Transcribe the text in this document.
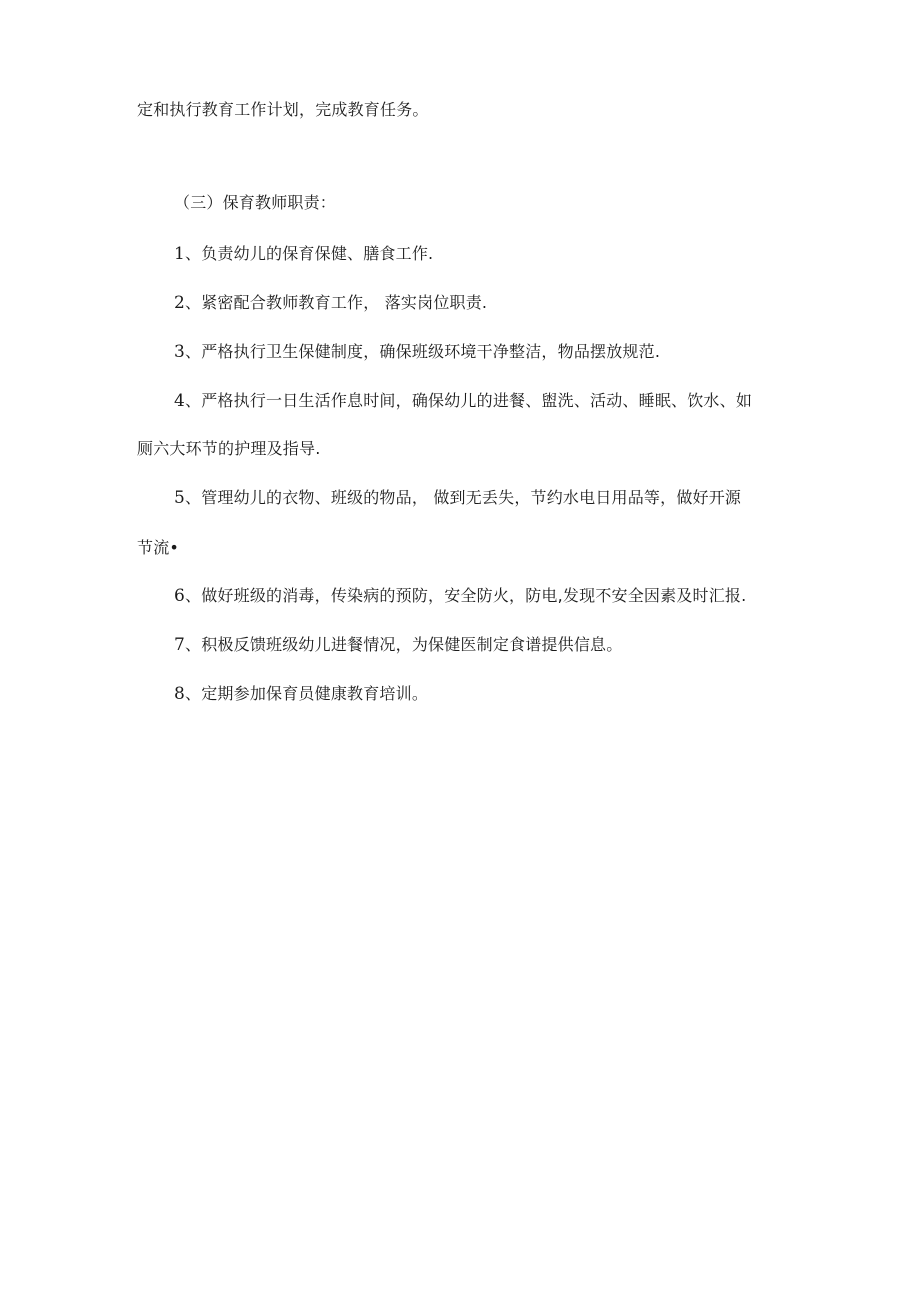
定和执行教育工作计划，完成教育任务。
（三）保育教师职责：
1、负责幼儿的保育保健、膳食工作.
2、紧密配合教师教育工作， 落实岗位职责.
3、严格执行卫生保健制度，确保班级环境干净整洁，物品摆放规范.
4、严格执行一日生活作息时间，确保幼儿的进餐、盥洗、活动、睡眠、饮水、如
厕六大环节的护理及指导.
5、管理幼儿的衣物、班级的物品， 做到无丢失，节约水电日用品等，做好开源
节流•
6、做好班级的消毒，传染病的预防，安全防火，防电,发现不安全因素及时汇报.
7、积极反馈班级幼儿进餐情况，为保健医制定食谱提供信息。
8、定期参加保育员健康教育培训。
